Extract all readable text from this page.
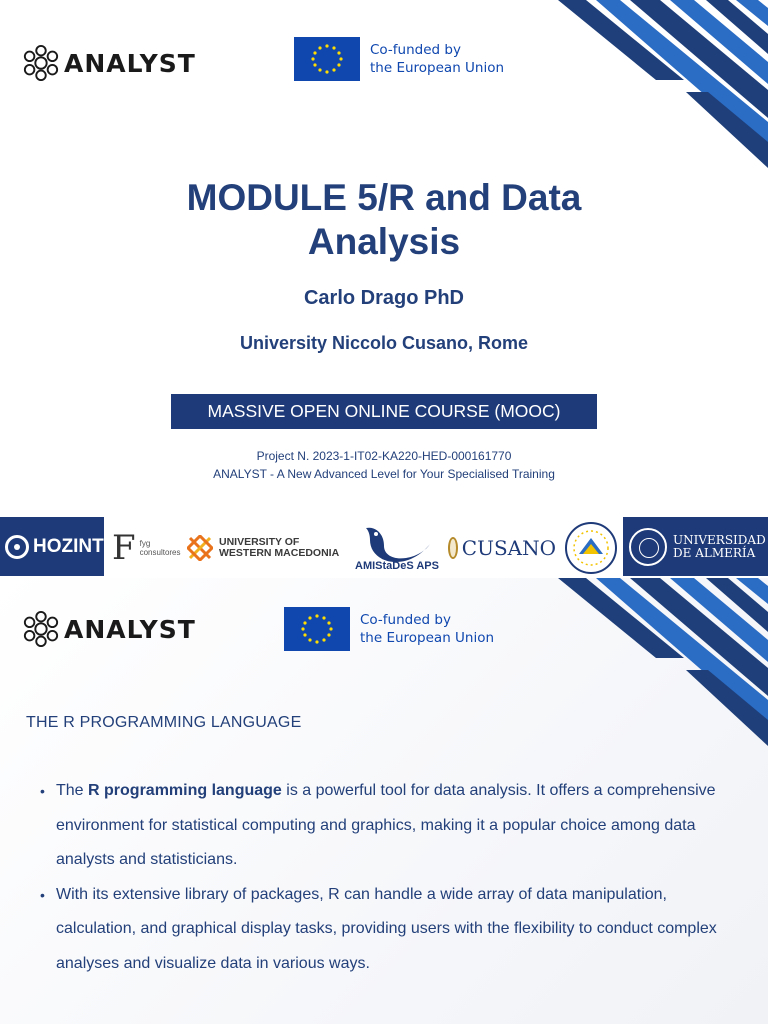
ANALYST	Co-funded by
the European Union
MODULE 5/R and Data
Analysis
Carlo Drago PhD
University Niccolo Cusano, Rome
MASSIVE OPEN ONLINE COURSE (MOOC)
Project N. 2023-1-IT02-KA220-HED-000161770
ANALYST - A New Advanced Level for Your Specialised Training
HOZINT F fyg
consultores
UNIVERSITY OF
WESTERN MACEDONIA
AMIStaDeS APS
CUSANO	UNIVERSIDAD
DE ALMERÍA
ANALYST	Co-funded by
the European Union
THE R PROGRAMMING LANGUAGE
• The R programming language is a powerful tool for data analysis. It offers a comprehensive environment for statistical computing and graphics, making it a popular choice among data analysts and statisticians.
• With its extensive library of packages, R can handle a wide array of data manipulation, calculation, and graphical display tasks, providing users with the flexibility to conduct complex analyses and visualize data in various ways.
